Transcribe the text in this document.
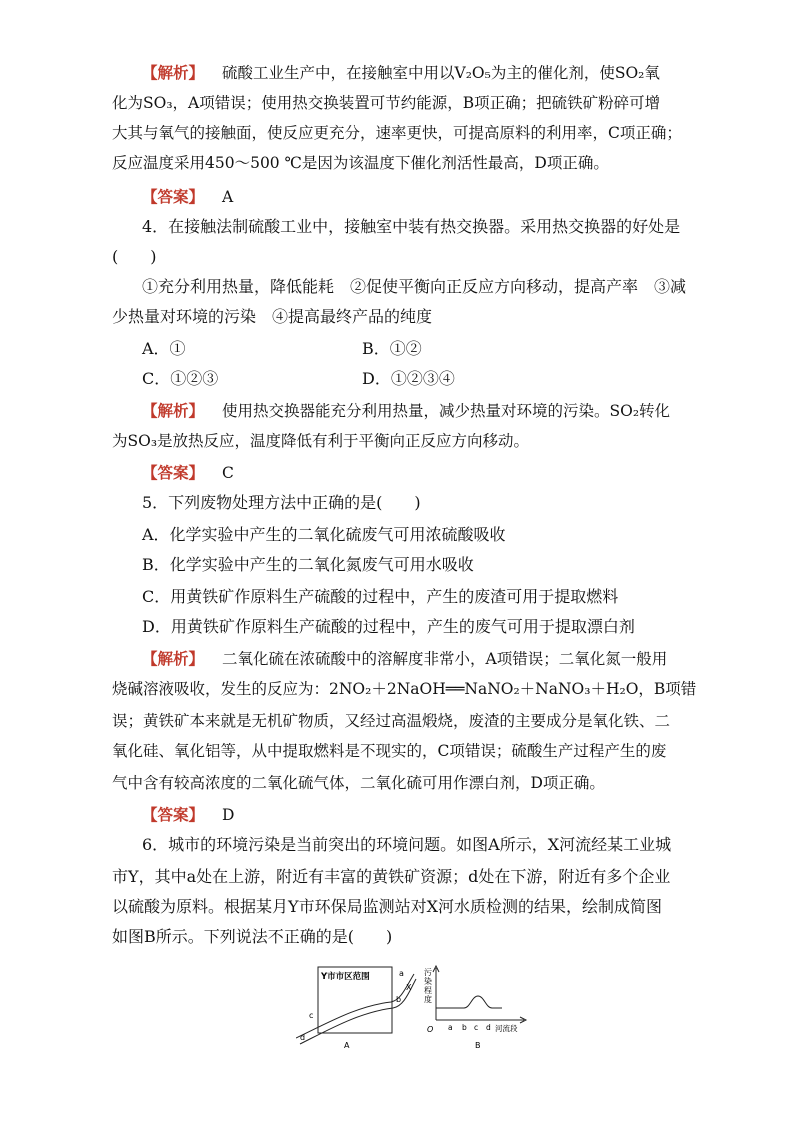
【解析】 硫酸工业生产中，在接触室中用以V₂O₅为主的催化剂，使SO₂氧
化为SO₃，A项错误；使用热交换装置可节约能源，B项正确；把硫铁矿粉碎可增
大其与氧气的接触面，使反应更充分，速率更快，可提高原料的利用率，C项正确；
反应温度采用450～500 ℃是因为该温度下催化剂活性最高，D项正确。
【答案】 A
4．在接触法制硫酸工业中，接触室中装有热交换器。采用热交换器的好处是
(　　)
①充分利用热量，降低能耗　②促使平衡向正反应方向移动，提高产率　③减
少热量对环境的污染　④提高最终产品的纯度
A．①	B．①②
C．①②③	D．①②③④
【解析】 使用热交换器能充分利用热量，减少热量对环境的污染。SO₂转化
为SO₃是放热反应，温度降低有利于平衡向正反应方向移动。
【答案】 C
5．下列废物处理方法中正确的是(　　)
A．化学实验中产生的二氧化硫废气可用浓硫酸吸收
B．化学实验中产生的二氧化氮废气可用水吸收
C．用黄铁矿作原料生产硫酸的过程中，产生的废渣可用于提取燃料
D．用黄铁矿作原料生产硫酸的过程中，产生的废气可用于提取漂白剂
【解析】 二氧化硫在浓硫酸中的溶解度非常小，A项错误；二氧化氮一般用
烧碱溶液吸收，发生的反应为：2NO₂＋2NaOH══NaNO₂＋NaNO₃＋H₂O，B项错
误；黄铁矿本来就是无机矿物质，又经过高温煅烧，废渣的主要成分是氧化铁、二
氧化硅、氧化铝等，从中提取燃料是不现实的，C项错误；硫酸生产过程产生的废
气中含有较高浓度的二氧化硫气体，二氧化硫可用作漂白剂，D项正确。
【答案】 D
6．城市的环境污染是当前突出的环境问题。如图A所示，X河流经某工业城
市Y，其中a处在上游，附近有丰富的黄铁矿资源；d处在下游，附近有多个企业
以硫酸为原料。根据某月Y市环保局监测站对X河水质检测的结果，绘制成简图
如图B所示。下列说法不正确的是(　　)
Y市市区范围	a
X
b
c
d
A
污
染
程
度
O a b c d 河流段
B
